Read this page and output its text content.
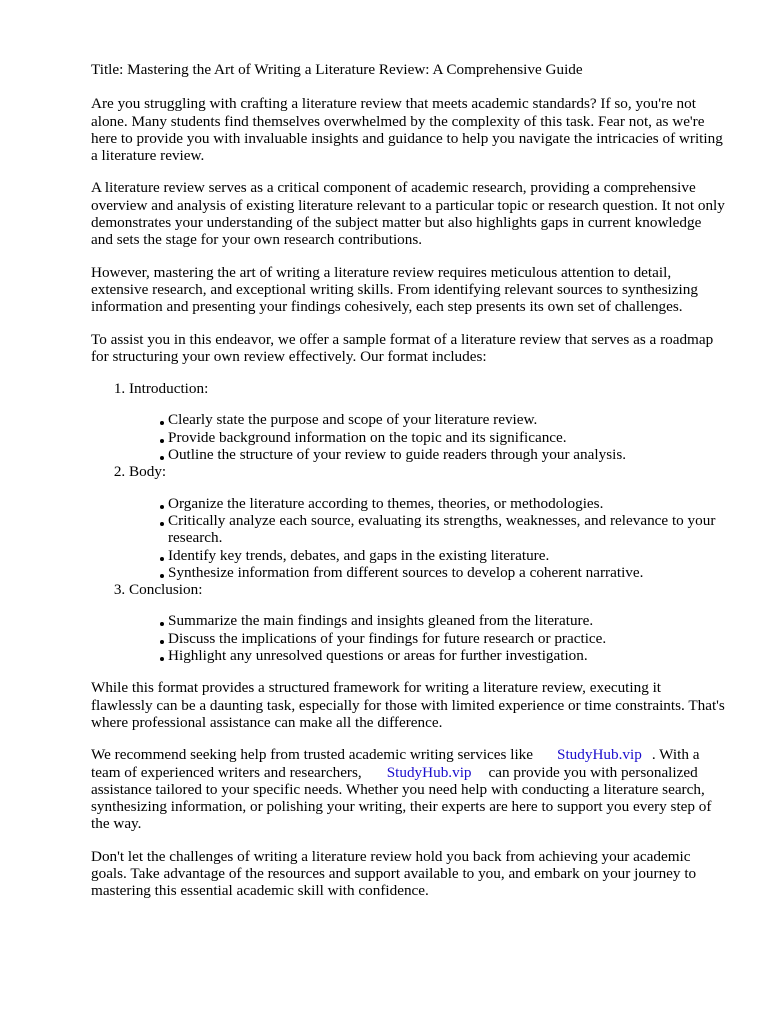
Title: Mastering the Art of Writing a Literature Review: A Comprehensive Guide

Are you struggling with crafting a literature review that meets academic standards? If so, you're not alone. Many students find themselves overwhelmed by the complexity of this task. Fear not, as we're here to provide you with invaluable insights and guidance to help you navigate the intricacies of writing a literature review.

A literature review serves as a critical component of academic research, providing a comprehensive overview and analysis of existing literature relevant to a particular topic or research question. It not only demonstrates your understanding of the subject matter but also highlights gaps in current knowledge and sets the stage for your own research contributions.

However, mastering the art of writing a literature review requires meticulous attention to detail, extensive research, and exceptional writing skills. From identifying relevant sources to synthesizing information and presenting your findings cohesively, each step presents its own set of challenges.

To assist you in this endeavor, we offer a sample format of a literature review that serves as a roadmap for structuring your own review effectively. Our format includes:

1. Introduction:
Clearly state the purpose and scope of your literature review.
Provide background information on the topic and its significance.
Outline the structure of your review to guide readers through your analysis.
2. Body:
Organize the literature according to themes, theories, or methodologies.
Critically analyze each source, evaluating its strengths, weaknesses, and relevance to your research.
Identify key trends, debates, and gaps in the existing literature.
Synthesize information from different sources to develop a coherent narrative.
3. Conclusion:
Summarize the main findings and insights gleaned from the literature.
Discuss the implications of your findings for future research or practice.
Highlight any unresolved questions or areas for further investigation.

While this format provides a structured framework for writing a literature review, executing it flawlessly can be a daunting task, especially for those with limited experience or time constraints. That's where professional assistance can make all the difference.

We recommend seeking help from trusted academic writing services like StudyHub.vip . With a team of experienced writers and researchers, StudyHub.vip can provide you with personalized assistance tailored to your specific needs. Whether you need help with conducting a literature search, synthesizing information, or polishing your writing, their experts are here to support you every step of the way.

Don't let the challenges of writing a literature review hold you back from achieving your academic goals. Take advantage of the resources and support available to you, and embark on your journey to mastering this essential academic skill with confidence.
